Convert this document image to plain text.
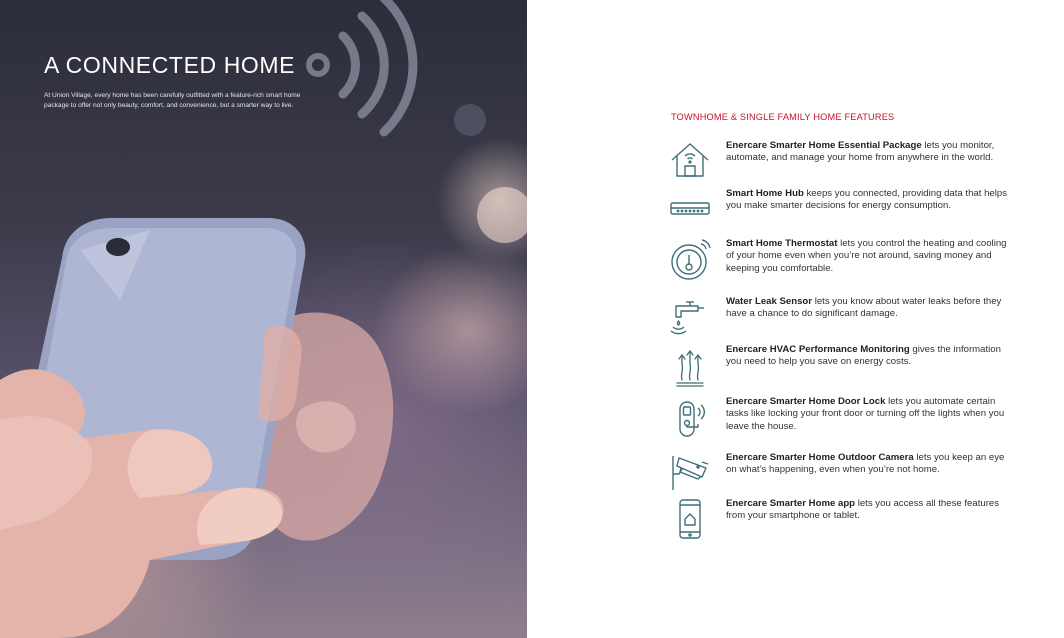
A CONNECTED HOME

At Union Village, every home has been carefully outfitted with a feature-rich smart home package to offer not only beauty, comfort, and convenience, but a smarter way to live.

TOWNHOME & SINGLE FAMILY HOME FEATURES
Enercare Smarter Home Essential Package lets you monitor, automate, and manage your home from anywhere in the world.
Smart Home Hub keeps you connected, providing data that helps you make smarter decisions for energy consumption.
Smart Home Thermostat lets you control the heating and cooling of your home even when you’re not around, saving money and keeping you comfortable.
Water Leak Sensor lets you know about water leaks before they have a chance to do significant damage.
Enercare HVAC Performance Monitoring gives the information you need to help you save on energy costs.
Enercare Smarter Home Door Lock lets you automate certain tasks like locking your front door or turning off the lights when you leave the house.
Enercare Smarter Home Outdoor Camera lets you keep an eye on what’s happening, even when you’re not home.
Enercare Smarter Home app lets you access all these features from your smartphone or tablet.
